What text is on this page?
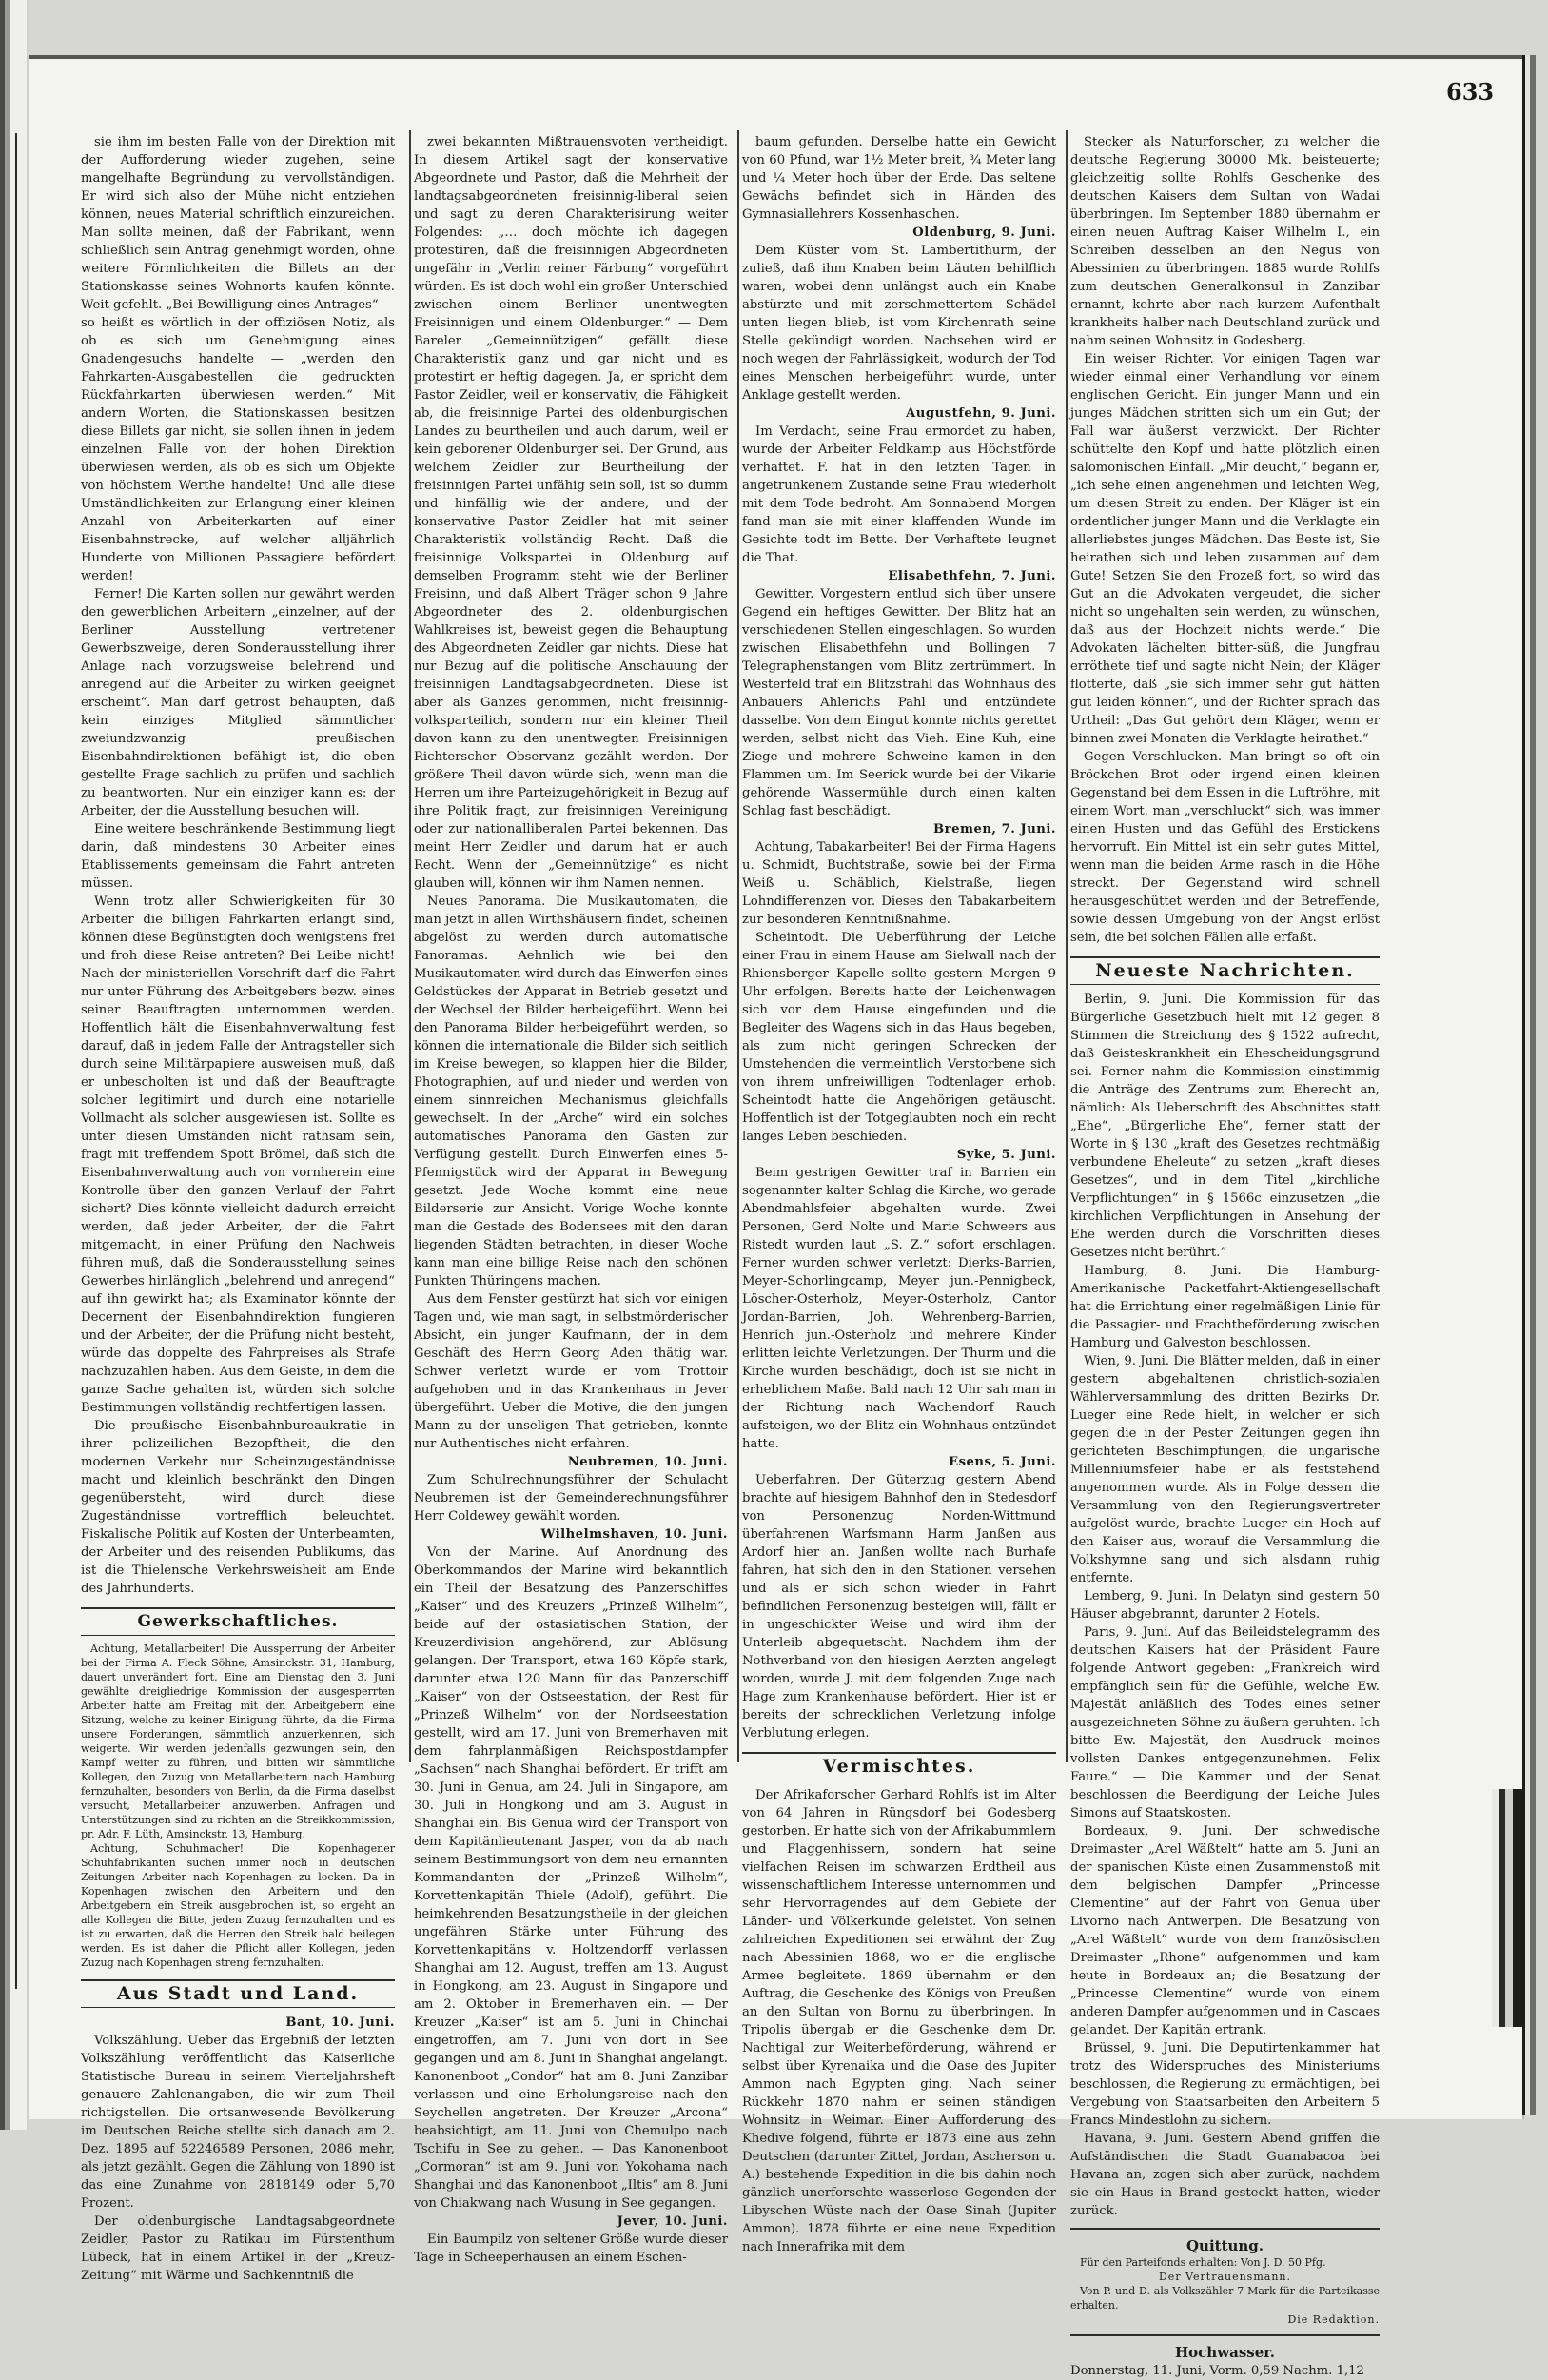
633

sie ihm im besten Falle von der Direktion mit der Aufforderung wieder zugehen, seine mangelhafte Begründung zu vervollständigen. Er wird sich also der Mühe nicht entziehen können, neues Material schriftlich einzureichen. Man sollte meinen, daß der Fabrikant, wenn schließlich sein Antrag genehmigt worden, ohne weitere Förmlichkeiten die Billets an der Stationskasse seines Wohnorts kaufen könnte. Weit gefehlt. „Bei Bewilligung eines Antrages“ — so heißt es wörtlich in der offiziösen Notiz, als ob es sich um Genehmigung eines Gnadengesuchs handelte — „werden den Fahrkarten-Ausgabestellen die gedruckten Rückfahrkarten überwiesen werden.“ Mit andern Worten, die Stationskassen besitzen diese Billets gar nicht, sie sollen ihnen in jedem einzelnen Falle von der hohen Direktion überwiesen werden, als ob es sich um Objekte von höchstem Werthe handelte! Und alle diese Umständlichkeiten zur Erlangung einer kleinen Anzahl von Arbeiterkarten auf einer Eisenbahnstrecke, auf welcher alljährlich Hunderte von Millionen Passagiere befördert werden!

Ferner! Die Karten sollen nur gewährt werden den gewerblichen Arbeitern „einzelner, auf der Berliner Ausstellung vertretener Gewerbszweige, deren Sonderausstellung ihrer Anlage nach vorzugsweise belehrend und anregend auf die Arbeiter zu wirken geeignet erscheint“. Man darf getrost behaupten, daß kein einziges Mitglied sämmtlicher zweiundzwanzig preußischen Eisenbahndirektionen befähigt ist, die eben gestellte Frage sachlich zu prüfen und sachlich zu beantworten. Nur ein einziger kann es: der Arbeiter, der die Ausstellung besuchen will.

Eine weitere beschränkende Bestimmung liegt darin, daß mindestens 30 Arbeiter eines Etablissements gemeinsam die Fahrt antreten müssen.

Wenn trotz aller Schwierigkeiten für 30 Arbeiter die billigen Fahrkarten erlangt sind, können diese Begünstigten doch wenigstens frei und froh diese Reise antreten? Bei Leibe nicht! Nach der ministeriellen Vorschrift darf die Fahrt nur unter Führung des Arbeitgebers bezw. eines seiner Beauftragten unternommen werden. Hoffentlich hält die Eisenbahnverwaltung fest darauf, daß in jedem Falle der Antragsteller sich durch seine Militärpapiere ausweisen muß, daß er unbescholten ist und daß der Beauftragte solcher legitimirt und durch eine notarielle Vollmacht als solcher ausgewiesen ist. Sollte es unter diesen Umständen nicht rathsam sein, fragt mit treffendem Spott Brömel, daß sich die Eisenbahnverwaltung auch von vornherein eine Kontrolle über den ganzen Verlauf der Fahrt sichert? Dies könnte vielleicht dadurch erreicht werden, daß jeder Arbeiter, der die Fahrt mitgemacht, in einer Prüfung den Nachweis führen muß, daß die Sonderausstellung seines Gewerbes hinlänglich „belehrend und anregend“ auf ihn gewirkt hat; als Examinator könnte der Decernent der Eisenbahndirektion fungieren und der Arbeiter, der die Prüfung nicht besteht, würde das doppelte des Fahrpreises als Strafe nachzuzahlen haben. Aus dem Geiste, in dem die ganze Sache gehalten ist, würden sich solche Bestimmungen vollständig rechtfertigen lassen.

Die preußische Eisenbahnbureaukratie in ihrer polizeilichen Bezopftheit, die den modernen Verkehr nur Scheinzugeständnisse macht und kleinlich beschränkt den Dingen gegenübersteht, wird durch diese Zugeständnisse vortrefflich beleuchtet. Fiskalische Politik auf Kosten der Unterbeamten, der Arbeiter und des reisenden Publikums, das ist die Thielensche Verkehrsweisheit am Ende des Jahrhunderts.

Gewerkschaftliches.

Achtung, Metallarbeiter! Die Aussperrung der Arbeiter bei der Firma A. Fleck Söhne, Amsinckstr. 31, Hamburg, dauert unverändert fort. Eine am Dienstag den 3. Juni gewählte dreigliedrige Kommission der ausgesperrten Arbeiter hatte am Freitag mit den Arbeitgebern eine Sitzung, welche zu keiner Einigung führte, da die Firma unsere Forderungen, sämmtlich anzuerkennen, sich weigerte. Wir werden jedenfalls gezwungen sein, den Kampf weiter zu führen, und bitten wir sämmtliche Kollegen, den Zuzug von Metallarbeitern nach Hamburg fernzuhalten, besonders von Berlin, da die Firma daselbst versucht, Metallarbeiter anzuwerben. Anfragen und Unterstützungen sind zu richten an die Streikkommission, pr. Adr. F. Lüth, Amsinckstr. 13, Hamburg.

Achtung, Schuhmacher! Die Kopenhagener Schuhfabrikanten suchen immer noch in deutschen Zeitungen Arbeiter nach Kopenhagen zu locken. Da in Kopenhagen zwischen den Arbeitern und den Arbeitgebern ein Streik ausgebrochen ist, so ergeht an alle Kollegen die Bitte, jeden Zuzug fernzuhalten und es ist zu erwarten, daß die Herren den Streik bald beilegen werden. Es ist daher die Pflicht aller Kollegen, jeden Zuzug nach Kopenhagen streng fernzuhalten.

Aus Stadt und Land.

Bant, 10. Juni.

Volkszählung. Ueber das Ergebniß der letzten Volkszählung veröffentlicht das Kaiserliche Statistische Bureau in seinem Vierteljahrsheft genauere Zahlenangaben, die wir zum Theil richtigstellen. Die ortsanwesende Bevölkerung im Deutschen Reiche stellte sich danach am 2. Dez. 1895 auf 52246589 Personen, 2086 mehr, als jetzt gezählt. Gegen die Zählung von 1890 ist das eine Zunahme von 2818149 oder 5,70 Prozent.

Der oldenburgische Landtagsabgeordnete Zeidler, Pastor zu Ratikau im Fürstenthum Lübeck, hat in einem Artikel in der „Kreuz-Zeitung“ mit Wärme und Sachkenntniß die

zwei bekannten Mißtrauensvoten vertheidigt. In diesem Artikel sagt der konservative Abgeordnete und Pastor, daß die Mehrheit der landtagsabgeordneten freisinnig-liberal seien und sagt zu deren Charakterisirung weiter Folgendes: „… doch möchte ich dagegen protestiren, daß die freisinnigen Abgeordneten ungefähr in „Verlin reiner Färbung“ vorgeführt würden. Es ist doch wohl ein großer Unterschied zwischen einem Berliner unentwegten Freisinnigen und einem Oldenburger.“ — Dem Bareler „Gemeinnützigen“ gefällt diese Charakteristik ganz und gar nicht und es protestirt er heftig dagegen. Ja, er spricht dem Pastor Zeidler, weil er konservativ, die Fähigkeit ab, die freisinnige Partei des oldenburgischen Landes zu beurtheilen und auch darum, weil er kein geborener Oldenburger sei. Der Grund, aus welchem Zeidler zur Beurtheilung der freisinnigen Partei unfähig sein soll, ist so dumm und hinfällig wie der andere, und der konservative Pastor Zeidler hat mit seiner Charakteristik vollständig Recht. Daß die freisinnige Volkspartei in Oldenburg auf demselben Programm steht wie der Berliner Freisinn, und daß Albert Träger schon 9 Jahre Abgeordneter des 2. oldenburgischen Wahlkreises ist, beweist gegen die Behauptung des Abgeordneten Zeidler gar nichts. Diese hat nur Bezug auf die politische Anschauung der freisinnigen Landtagsabgeordneten. Diese ist aber als Ganzes genommen, nicht freisinnig-volksparteilich, sondern nur ein kleiner Theil davon kann zu den unentwegten Freisinnigen Richterscher Observanz gezählt werden. Der größere Theil davon würde sich, wenn man die Herren um ihre Parteizugehörigkeit in Bezug auf ihre Politik fragt, zur freisinnigen Vereinigung oder zur nationalliberalen Partei bekennen. Das meint Herr Zeidler und darum hat er auch Recht. Wenn der „Gemeinnützige“ es nicht glauben will, können wir ihm Namen nennen.

Neues Panorama. Die Musikautomaten, die man jetzt in allen Wirthshäusern findet, scheinen abgelöst zu werden durch automatische Panoramas. Aehnlich wie bei den Musikautomaten wird durch das Einwerfen eines Geldstückes der Apparat in Betrieb gesetzt und der Wechsel der Bilder herbeigeführt. Wenn bei den Panorama Bilder herbeigeführt werden, so können die internationale die Bilder sich seitlich im Kreise bewegen, so klappen hier die Bilder, Photographien, auf und nieder und werden von einem sinnreichen Mechanismus gleichfalls gewechselt. In der „Arche“ wird ein solches automatisches Panorama den Gästen zur Verfügung gestellt. Durch Einwerfen eines 5-Pfennigstück wird der Apparat in Bewegung gesetzt. Jede Woche kommt eine neue Bilderserie zur Ansicht. Vorige Woche konnte man die Gestade des Bodensees mit den daran liegenden Städten betrachten, in dieser Woche kann man eine billige Reise nach den schönen Punkten Thüringens machen.

Aus dem Fenster gestürzt hat sich vor einigen Tagen und, wie man sagt, in selbstmörderischer Absicht, ein junger Kaufmann, der in dem Geschäft des Herrn Georg Aden thätig war. Schwer verletzt wurde er vom Trottoir aufgehoben und in das Krankenhaus in Jever übergeführt. Ueber die Motive, die den jungen Mann zu der unseligen That getrieben, konnte nur Authentisches nicht erfahren.

Neubremen, 10. Juni.

Zum Schulrechnungsführer der Schulacht Neubremen ist der Gemeinderechnungsführer Herr Coldewey gewählt worden.

Wilhelmshaven, 10. Juni.

Von der Marine. Auf Anordnung des Oberkommandos der Marine wird bekanntlich ein Theil der Besatzung des Panzerschiffes „Kaiser“ und des Kreuzers „Prinzeß Wilhelm“, beide auf der ostasiatischen Station, der Kreuzerdivision angehörend, zur Ablösung gelangen. Der Transport, etwa 160 Köpfe stark, darunter etwa 120 Mann für das Panzerschiff „Kaiser“ von der Ostseestation, der Rest für „Prinzeß Wilhelm“ von der Nordseestation gestellt, wird am 17. Juni von Bremerhaven mit dem fahrplanmäßigen Reichspostdampfer „Sachsen“ nach Shanghai befördert. Er trifft am 30. Juni in Genua, am 24. Juli in Singapore, am 30. Juli in Hongkong und am 3. August in Shanghai ein. Bis Genua wird der Transport von dem Kapitänlieutenant Jasper, von da ab nach seinem Bestimmungsort von dem neu ernannten Kommandanten der „Prinzeß Wilhelm“, Korvettenkapitän Thiele (Adolf), geführt. Die heimkehrenden Besatzungstheile in der gleichen ungefähren Stärke unter Führung des Korvettenkapitäns v. Holtzendorff verlassen Shanghai am 12. August, treffen am 13. August in Hongkong, am 23. August in Singapore und am 2. Oktober in Bremerhaven ein. — Der Kreuzer „Kaiser“ ist am 5. Juni in Chinchai eingetroffen, am 7. Juni von dort in See gegangen und am 8. Juni in Shanghai angelangt. Kanonenboot „Condor“ hat am 8. Juni Zanzibar verlassen und eine Erholungsreise nach den Seychellen angetreten. Der Kreuzer „Arcona“ beabsichtigt, am 11. Juni von Chemulpo nach Tschifu in See zu gehen. — Das Kanonenboot „Cormoran“ ist am 9. Juni von Yokohama nach Shanghai und das Kanonenboot „Iltis“ am 8. Juni von Chiakwang nach Wusung in See gegangen.

Jever, 10. Juni.

Ein Baumpilz von seltener Größe wurde dieser Tage in Scheeperhausen an einem Eschen-

baum gefunden. Derselbe hatte ein Gewicht von 60 Pfund, war 1½ Meter breit, ¾ Meter lang und ¼ Meter hoch über der Erde. Das seltene Gewächs befindet sich in Händen des Gymnasiallehrers Kossenhaschen.

Oldenburg, 9. Juni.

Dem Küster vom St. Lambertithurm, der zuließ, daß ihm Knaben beim Läuten behilflich waren, wobei denn unlängst auch ein Knabe abstürzte und mit zerschmettertem Schädel unten liegen blieb, ist vom Kirchenrath seine Stelle gekündigt worden. Nachsehen wird er noch wegen der Fahrlässigkeit, wodurch der Tod eines Menschen herbeigeführt wurde, unter Anklage gestellt werden.

Augustfehn, 9. Juni.

Im Verdacht, seine Frau ermordet zu haben, wurde der Arbeiter Feldkamp aus Höchstförde verhaftet. F. hat in den letzten Tagen in angetrunkenem Zustande seine Frau wiederholt mit dem Tode bedroht. Am Sonnabend Morgen fand man sie mit einer klaffenden Wunde im Gesichte todt im Bette. Der Verhaftete leugnet die That.

Elisabethfehn, 7. Juni.

Gewitter. Vorgestern entlud sich über unsere Gegend ein heftiges Gewitter. Der Blitz hat an verschiedenen Stellen eingeschlagen. So wurden zwischen Elisabethfehn und Bollingen 7 Telegraphenstangen vom Blitz zertrümmert. In Westerfeld traf ein Blitzstrahl das Wohnhaus des Anbauers Ahlerichs Pahl und entzündete dasselbe. Von dem Eingut konnte nichts gerettet werden, selbst nicht das Vieh. Eine Kuh, eine Ziege und mehrere Schweine kamen in den Flammen um. Im Seerick wurde bei der Vikarie gehörende Wassermühle durch einen kalten Schlag fast beschädigt.

Bremen, 7. Juni.

Achtung, Tabakarbeiter! Bei der Firma Hagens u. Schmidt, Buchtstraße, sowie bei der Firma Weiß u. Schäblich, Kielstraße, liegen Lohndifferenzen vor. Dieses den Tabakarbeitern zur besonderen Kenntnißnahme.

Scheintodt. Die Ueberführung der Leiche einer Frau in einem Hause am Sielwall nach der Rhiensberger Kapelle sollte gestern Morgen 9 Uhr erfolgen. Bereits hatte der Leichenwagen sich vor dem Hause eingefunden und die Begleiter des Wagens sich in das Haus begeben, als zum nicht geringen Schrecken der Umstehenden die vermeintlich Verstorbene sich von ihrem unfreiwilligen Todtenlager erhob. Scheintodt hatte die Angehörigen getäuscht. Hoffentlich ist der Totgeglaubten noch ein recht langes Leben beschieden.

Syke, 5. Juni.

Beim gestrigen Gewitter traf in Barrien ein sogenannter kalter Schlag die Kirche, wo gerade Abendmahlsfeier abgehalten wurde. Zwei Personen, Gerd Nolte und Marie Schweers aus Ristedt wurden laut „S. Z.“ sofort erschlagen. Ferner wurden schwer verletzt: Dierks-Barrien, Meyer-Schorlingcamp, Meyer jun.-Pennigbeck, Löscher-Osterholz, Meyer-Osterholz, Cantor Jordan-Barrien, Joh. Wehrenberg-Barrien, Henrich jun.-Osterholz und mehrere Kinder erlitten leichte Verletzungen. Der Thurm und die Kirche wurden beschädigt, doch ist sie nicht in erheblichem Maße. Bald nach 12 Uhr sah man in der Richtung nach Wachendorf Rauch aufsteigen, wo der Blitz ein Wohnhaus entzündet hatte.

Esens, 5. Juni.

Ueberfahren. Der Güterzug gestern Abend brachte auf hiesigem Bahnhof den in Stedesdorf von Personenzug Norden-Wittmund überfahrenen Warfsmann Harm Janßen aus Ardorf hier an. Janßen wollte nach Burhafe fahren, hat sich den in den Stationen versehen und als er sich schon wieder in Fahrt befindlichen Personenzug besteigen will, fällt er in ungeschickter Weise und wird ihm der Unterleib abgequetscht. Nachdem ihm der Nothverband von den hiesigen Aerzten angelegt worden, wurde J. mit dem folgenden Zuge nach Hage zum Krankenhause befördert. Hier ist er bereits der schrecklichen Verletzung infolge Verblutung erlegen.

Vermischtes.

Der Afrikaforscher Gerhard Rohlfs ist im Alter von 64 Jahren in Rüngsdorf bei Godesberg gestorben. Er hatte sich von der Afrikabummlern und Flaggenhissern, sondern hat seine vielfachen Reisen im schwarzen Erdtheil aus wissenschaftlichem Interesse unternommen und sehr Hervorragendes auf dem Gebiete der Länder- und Völkerkunde geleistet. Von seinen zahlreichen Expeditionen sei erwähnt der Zug nach Abessinien 1868, wo er die englische Armee begleitete. 1869 übernahm er den Auftrag, die Geschenke des Königs von Preußen an den Sultan von Bornu zu überbringen. In Tripolis übergab er die Geschenke dem Dr. Nachtigal zur Weiterbeförderung, während er selbst über Kyrenaika und die Oase des Jupiter Ammon nach Egypten ging. Nach seiner Rückkehr 1870 nahm er seinen ständigen Wohnsitz in Weimar. Einer Aufforderung des Khedive folgend, führte er 1873 eine aus zehn Deutschen (darunter Zittel, Jordan, Ascherson u. A.) bestehende Expedition in die bis dahin noch gänzlich unerforschte wasserlose Gegenden der Libyschen Wüste nach der Oase Sinah (Jupiter Ammon). 1878 führte er eine neue Expedition nach Innerafrika mit dem

Stecker als Naturforscher, zu welcher die deutsche Regierung 30000 Mk. beisteuerte; gleichzeitig sollte Rohlfs Geschenke des deutschen Kaisers dem Sultan von Wadai überbringen. Im September 1880 übernahm er einen neuen Auftrag Kaiser Wilhelm I., ein Schreiben desselben an den Negus von Abessinien zu überbringen. 1885 wurde Rohlfs zum deutschen Generalkonsul in Zanzibar ernannt, kehrte aber nach kurzem Aufenthalt krankheits halber nach Deutschland zurück und nahm seinen Wohnsitz in Godesberg.

Ein weiser Richter. Vor einigen Tagen war wieder einmal einer Verhandlung vor einem englischen Gericht. Ein junger Mann und ein junges Mädchen stritten sich um ein Gut; der Fall war äußerst verzwickt. Der Richter schüttelte den Kopf und hatte plötzlich einen salomonischen Einfall. „Mir deucht,“ begann er, „ich sehe einen angenehmen und leichten Weg, um diesen Streit zu enden. Der Kläger ist ein ordentlicher junger Mann und die Verklagte ein allerliebstes junges Mädchen. Das Beste ist, Sie heirathen sich und leben zusammen auf dem Gute! Setzen Sie den Prozeß fort, so wird das Gut an die Advokaten vergeudet, die sicher nicht so ungehalten sein werden, zu wünschen, daß aus der Hochzeit nichts werde.“ Die Advokaten lächelten bitter-süß, die Jungfrau erröthete tief und sagte nicht Nein; der Kläger flotterte, daß „sie sich immer sehr gut hätten gut leiden können“, und der Richter sprach das Urtheil: „Das Gut gehört dem Kläger, wenn er binnen zwei Monaten die Verklagte heirathet.“

Gegen Verschlucken. Man bringt so oft ein Bröckchen Brot oder irgend einen kleinen Gegenstand bei dem Essen in die Luftröhre, mit einem Wort, man „verschluckt“ sich, was immer einen Husten und das Gefühl des Erstickens hervorruft. Ein Mittel ist ein sehr gutes Mittel, wenn man die beiden Arme rasch in die Höhe streckt. Der Gegenstand wird schnell herausgeschüttet werden und der Betreffende, sowie dessen Umgebung von der Angst erlöst sein, die bei solchen Fällen alle erfaßt.

Neueste Nachrichten.

Berlin, 9. Juni. Die Kommission für das Bürgerliche Gesetzbuch hielt mit 12 gegen 8 Stimmen die Streichung des § 1522 aufrecht, daß Geisteskrankheit ein Ehescheidungsgrund sei. Ferner nahm die Kommission einstimmig die Anträge des Zentrums zum Eherecht an, nämlich: Als Ueberschrift des Abschnittes statt „Ehe“, „Bürgerliche Ehe“, ferner statt der Worte in § 130 „kraft des Gesetzes rechtmäßig verbundene Eheleute“ zu setzen „kraft dieses Gesetzes“, und in dem Titel „kirchliche Verpflichtungen“ in § 1566c einzusetzen „die kirchlichen Verpflichtungen in Ansehung der Ehe werden durch die Vorschriften dieses Gesetzes nicht berührt.“

Hamburg, 8. Juni. Die Hamburg-Amerikanische Packetfahrt-Aktiengesellschaft hat die Errichtung einer regelmäßigen Linie für die Passagier- und Frachtbeförderung zwischen Hamburg und Galveston beschlossen.

Wien, 9. Juni. Die Blätter melden, daß in einer gestern abgehaltenen christlich-sozialen Wählerversammlung des dritten Bezirks Dr. Lueger eine Rede hielt, in welcher er sich gegen die in der Pester Zeitungen gegen ihn gerichteten Beschimpfungen, die ungarische Millenniumsfeier habe er als feststehend angenommen wurde. Als in Folge dessen die Versammlung von den Regierungsvertreter aufgelöst wurde, brachte Lueger ein Hoch auf den Kaiser aus, worauf die Versammlung die Volkshymne sang und sich alsdann ruhig entfernte.

Lemberg, 9. Juni. In Delatyn sind gestern 50 Häuser abgebrannt, darunter 2 Hotels.

Paris, 9. Juni. Auf das Beileidstelegramm des deutschen Kaisers hat der Präsident Faure folgende Antwort gegeben: „Frankreich wird empfänglich sein für die Gefühle, welche Ew. Majestät anläßlich des Todes eines seiner ausgezeichneten Söhne zu äußern geruhten. Ich bitte Ew. Majestät, den Ausdruck meines vollsten Dankes entgegenzunehmen. Felix Faure.“ — Die Kammer und der Senat beschlossen die Beerdigung der Leiche Jules Simons auf Staatskosten.

Bordeaux, 9. Juni. Der schwedische Dreimaster „Arel Wäßtelt“ hatte am 5. Juni an der spanischen Küste einen Zusammenstoß mit dem belgischen Dampfer „Princesse Clementine“ auf der Fahrt von Genua über Livorno nach Antwerpen. Die Besatzung von „Arel Wäßtelt“ wurde von dem französischen Dreimaster „Rhone“ aufgenommen und kam heute in Bordeaux an; die Besatzung der „Princesse Clementine“ wurde von einem anderen Dampfer aufgenommen und in Cascaes gelandet. Der Kapitän ertrank.

Brüssel, 9. Juni. Die Deputirtenkammer hat trotz des Widerspruches des Ministeriums beschlossen, die Regierung zu ermächtigen, bei Vergebung von Staatsarbeiten den Arbeitern 5 Francs Mindestlohn zu sichern.

Havana, 9. Juni. Gestern Abend griffen die Aufständischen die Stadt Guanabacoa bei Havana an, zogen sich aber zurück, nachdem sie ein Haus in Brand gesteckt hatten, wieder zurück.

Quittung.

Für den Parteifonds erhalten: Von J. D. 50 Pfg.

Der Vertrauensmann.

Von P. und D. als Volkszähler 7 Mark für die Parteikasse erhalten.

Die Redaktion.

Hochwasser.

Donnerstag, 11. Juni, Vorm. 0,59 Nachm. 1,12
